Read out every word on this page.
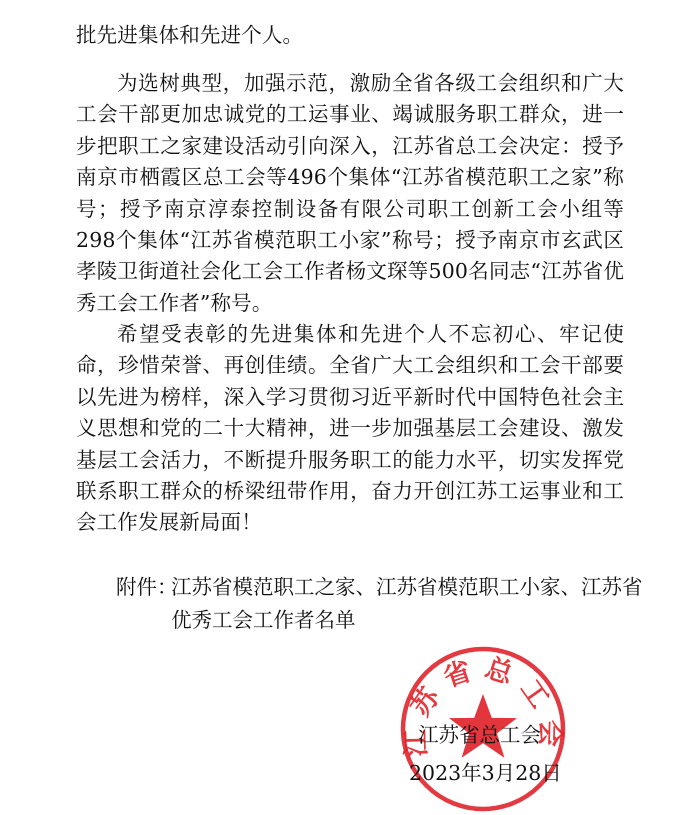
批先进集体和先进个人。

为选树典型，加强示范，激励全省各级工会组织和广大工会干部更加忠诚党的工运事业、竭诚服务职工群众，进一步把职工之家建设活动引向深入，江苏省总工会决定：授予南京市栖霞区总工会等496个集体“江苏省模范职工之家”称号；授予南京淳泰控制设备有限公司职工创新工会小组等298个集体“江苏省模范职工小家”称号；授予南京市玄武区孝陵卫街道社会化工会工作者杨文琛等500名同志“江苏省优秀工会工作者”称号。

希望受表彰的先进集体和先进个人不忘初心、牢记使命，珍惜荣誉、再创佳绩。全省广大工会组织和工会干部要以先进为榜样，深入学习贯彻习近平新时代中国特色社会主义思想和党的二十大精神，进一步加强基层工会建设、激发基层工会活力，不断提升服务职工的能力水平，切实发挥党联系职工群众的桥梁纽带作用，奋力开创江苏工运事业和工会工作发展新局面！

附件：
江苏省模范职工之家、江苏省模范职工小家、江苏省
优秀工会工作者名单
江苏省总工会
江苏省总工会
2023年3月28日
